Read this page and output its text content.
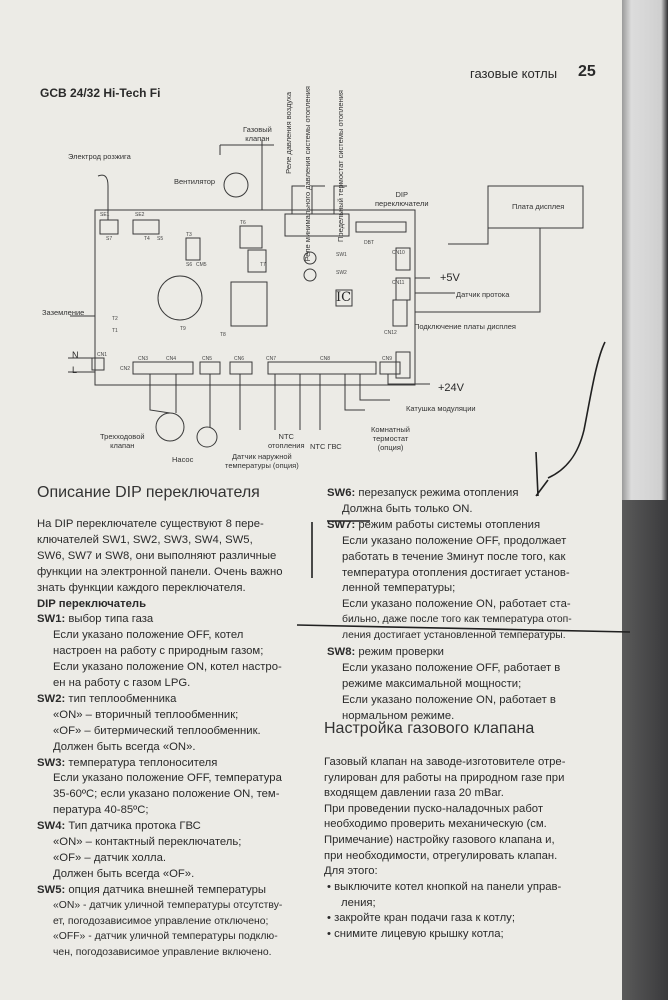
GCB 24/32 Hi-Tech Fi
газовые котлы 25
Газовый
клапан
Электрод розжига
Вентилятор
Реле давления воздуха Реле минимального давления системы отопления	Предельный термостат системы отопления	DIP
переключатели	Плата дисплея
+5V
Датчик протока
Подключение платы дисплея
Заземление
N
L
+24V
Катушка модуляции
Комнатный
термостат
(опция)
NTC
отопления NTC ГВС
Датчик наружной
температуры (опция)
Трехходовой
клапан
Насос
IC
SE1
S7
SE2
T4 S5
T3
S6 CM5
T6
T7
T2
T1
CN1
CN2
CN3	CN4	CN5	CN6	CN7	CN8	CN9
CN10
CN11
SW1
SW2
CN12
DBT
T8
T9
Описание DIP переключателя
На DIP переключателе существуют 8 пере-
ключателей SW1, SW2, SW3, SW4, SW5,
SW6, SW7 и SW8, они выполняют различные
функции на электронной панели. Очень важно
знать функции каждого переключателя.
DIP переключатель
SW1: выбор типа газа
Если указано положение OFF, котел
настроен на работу с природным газом;
Если указано положение ON, котел настро-
ен на работу с газом LPG.
SW2: тип теплообменника
«ON» – вторичный теплообменник;
«OF» – битермический теплообменник.
Должен быть всегда «ON».
SW3: температура теплоносителя
Если указано положение OFF, температура
35-60ºC; если указано положение ON, тем-
пература 40-85ºC;
SW4: Тип датчика протока ГВС
«ON» – контактный переключатель;
«OF» – датчик холла.
Должен быть всегда «OF».
SW5: опция датчика внешней температуры
«ON» - датчик уличной температуры отсутству-
ет, погодозависимое управление отключено;
«OFF» - датчик уличной температуры подклю-
чен, погодозависимое управление включено.
SW6: перезапуск режима отопления
Должна быть только ON.
SW7: режим работы системы отопления
Если указано положение OFF, продолжает
работать в течение 3минут после того, как
температура отопления достигает установ-
ленной температуры;
Если указано положение ON, работает ста-
бильно, даже после того как температура отоп-
ления достигает установленной температуры.
SW8: режим проверки
Если указано положение OFF, работает в
режиме максимальной мощности;
Если указано положение ON, работает в
нормальном режиме.
Настройка газового клапана
Газовый клапан на заводе-изготовителе отре-
гулирован для работы на природном газе при
входящем давлении газа 20 mBar.
При проведении пуско-наладочных работ
необходимо проверить механическую (см.
Примечание) настройку газового клапана и,
при необходимости, отрегулировать клапан.
Для этого:
• выключите котел кнопкой на панели управ-
ления;
• закройте кран подачи газа к котлу;
• снимите лицевую крышку котла;
